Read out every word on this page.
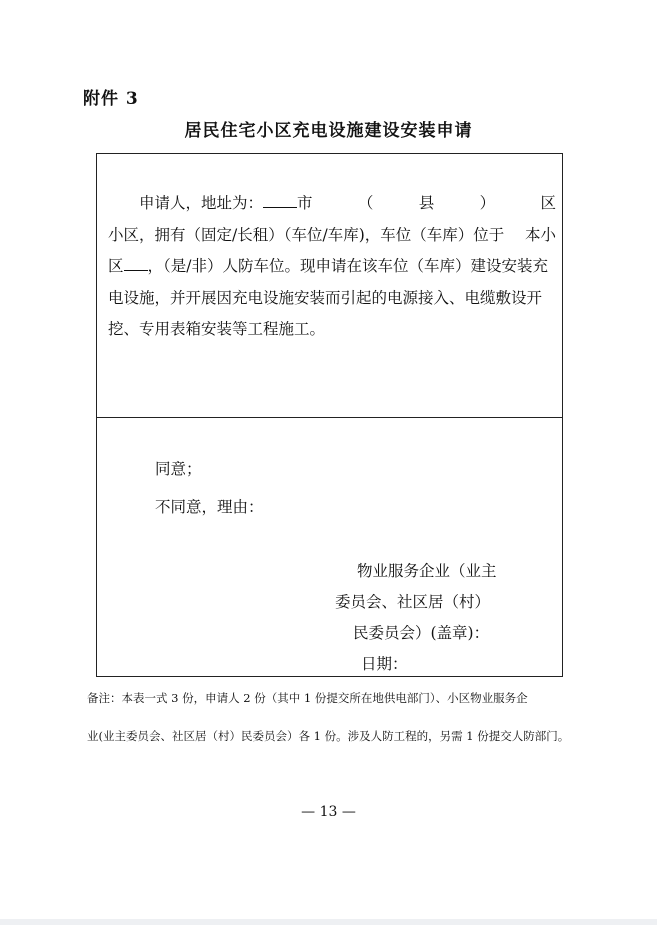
附件 3
居民住宅小区充电设施建设安装申请
申请人，地址为： 市	（	县	）	区
小区，拥有（固定/长租）（车位/车库)，车位（车库）位于 本小
区 ，（是/非）人防车位。现申请在该车位（车库）建设安装充
电设施，并开展因充电设施安装而引起的电源接入、电缆敷设开
挖、专用表箱安装等工程施工。
同意；
不同意，理由：
物业服务企业（业主
委员会、社区居（村）
民委员会）(盖章)：
日期：
备注：本表一式 3 份，申请人 2 份（其中 1 份提交所在地供电部门）、小区物业服务企
业(业主委员会、社区居（村）民委员会）各 1 份。涉及人防工程的，另需 1 份提交人防部门。
— 13 —
